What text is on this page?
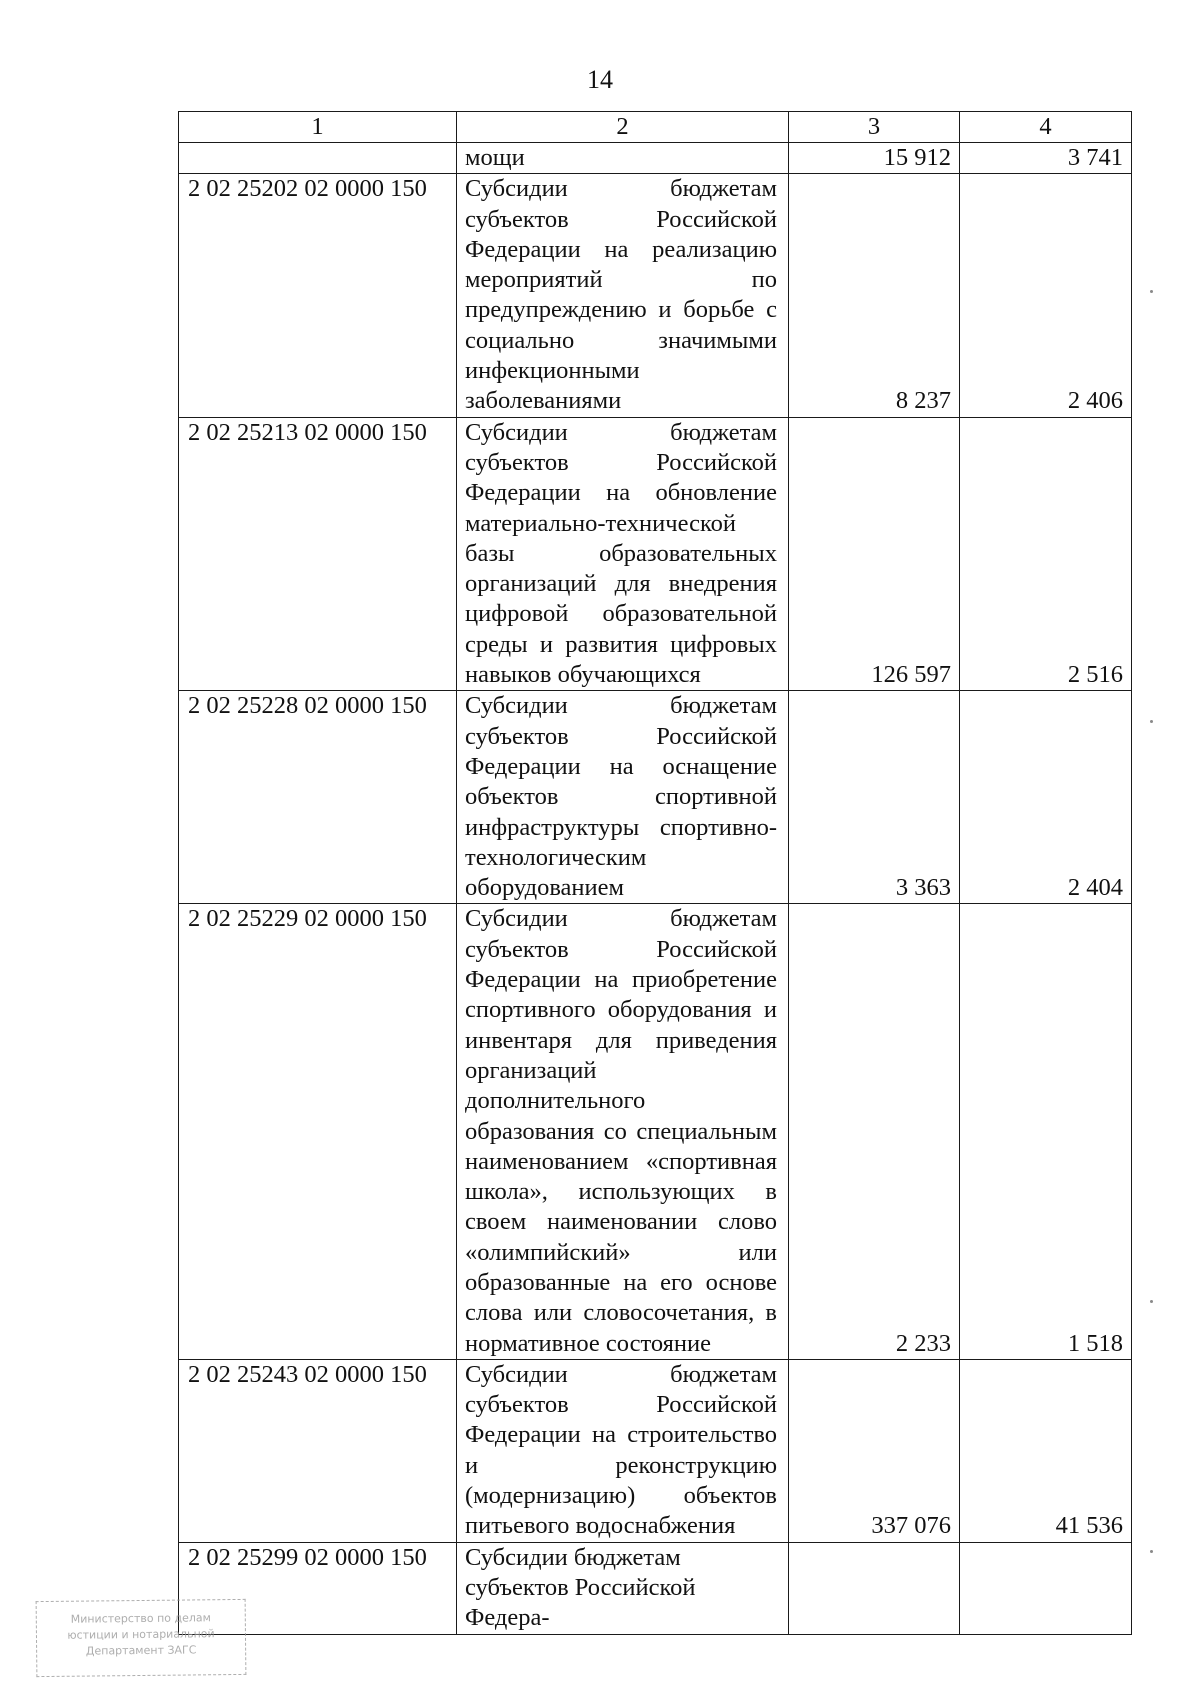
14
1	2	3	4
	мощи	15 912	3 741
2 02 25202 02 0000 150	Субсидии бюджетам субъектов Российской Федерации на реализацию мероприятий по предупреждению и борьбе с социально значимыми инфекционными заболеваниями	8 237	2 406
2 02 25213 02 0000 150	Субсидии бюджетам субъектов Российской Федерации на обновление материально-технической базы образовательных организаций для внедрения цифровой образовательной среды и развития цифровых навыков обучающихся	126 597	2 516
2 02 25228 02 0000 150	Субсидии бюджетам субъектов Российской Федерации на оснащение объектов спортивной инфраструктуры спортивно-технологическим оборудованием	3 363	2 404
2 02 25229 02 0000 150	Субсидии бюджетам субъектов Российской Федерации на приобретение спортивного оборудования и инвентаря для приведения организаций дополнительного образования со специальным наименованием «спортивная школа», использующих в своем наименовании слово «олимпийский» или образованные на его основе слова или словосочетания, в нормативное состояние	2 233	1 518
2 02 25243 02 0000 150	Субсидии бюджетам субъектов Российской Федерации на строительство и реконструкцию (модернизацию) объектов питьевого водоснабжения	337 076	41 536
2 02 25299 02 0000 150	Субсидии бюджетам субъектов Российской Федера-		
Министерство по делам
юстиции и нотариальной
Департамент ЗАГС
